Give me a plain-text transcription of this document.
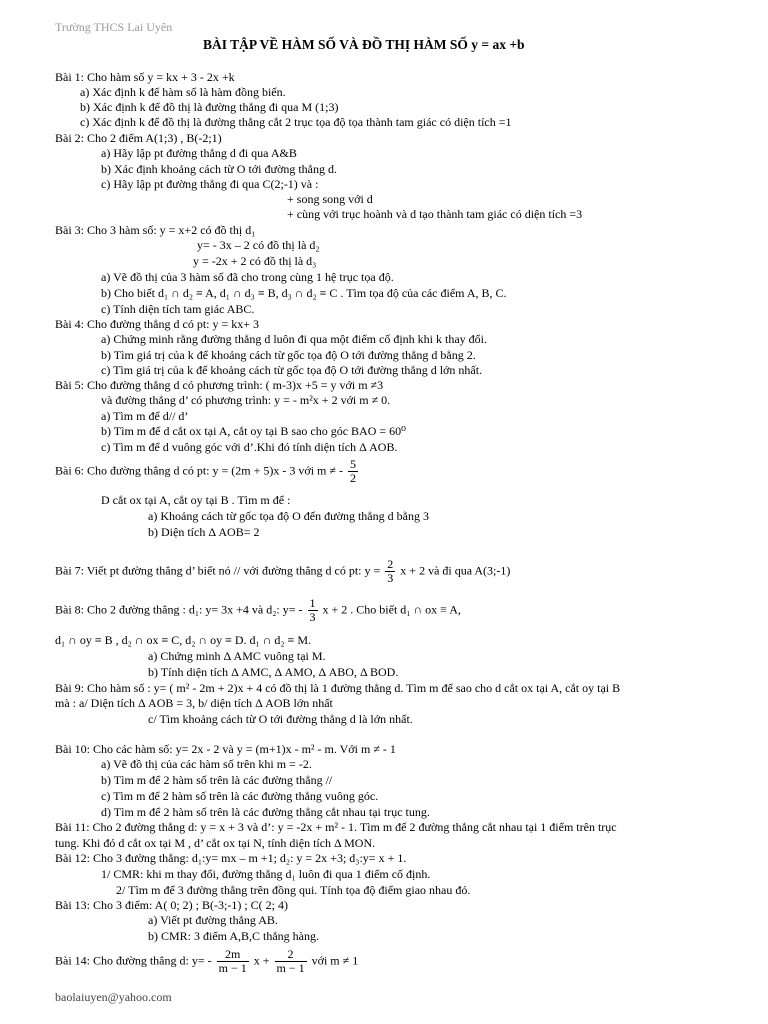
Trường THCS Lai Uyên
BÀI TẬP VỀ HÀM SỐ VÀ ĐỒ THỊ HÀM SỐ y = ax +b
Bài 1: Cho hàm số y = kx + 3 - 2x +k
a) Xác định k để hàm số là hàm đồng biến.
b) Xác định k để đồ thị là đường thẳng đi qua M (1;3)
c) Xác định k để đồ thị là đường thẳng cắt 2 trục tọa độ tọa thành tam giác có diện tích =1
Bài 2: Cho 2 điểm A(1;3) , B(-2;1)
a) Hãy lập pt đường thẳng d đi qua A&B
b) Xác định khoảng cách từ O tới đường thẳng d.
c) Hãy lập pt đường thẳng đi qua C(2;-1) và :
+ song song với d
+ cùng với trục hoành và d tạo thành tam giác có diện tích =3
Bài 3: Cho 3 hàm số: y = x+2 có đồ thị d₁
y= - 3x – 2 có đồ thị là d₂
y = -2x + 2 có đồ thị là d₃
a) Vẽ đồ thị của 3 hàm số đã cho trong cùng 1 hệ trục tọa độ.
b) Cho biết d₁ ∩ d₂ ≡ A, d₁ ∩ d₃ ≡ B, d₃ ∩ d₂ ≡ C . Tìm tọa độ của các điểm A, B, C.
c) Tính diện tích tam giác ABC.
Bài 4: Cho đường thẳng d có pt: y = kx+ 3
a) Chứng minh rằng đường thẳng d luôn đi qua một điểm cố định khi k thay đổi.
b) Tìm giá trị của k để khoảng cách từ gốc tọa độ O tới đường thẳng d bằng 2.
c) Tìm giá trị của k để khoảng cách từ gốc tọa độ O tới đường thẳng d lớn nhất.
Bài 5: Cho đường thẳng d có phương trình: ( m-3)x +5 = y với m ≠3
và đường thẳng d’ có phương trình: y = - m²x + 2 với m ≠ 0.
a) Tìm m để d// d’
b) Tìm m để d cắt ox tại A, cắt oy tại B sao cho góc BAO = 60⁰
c) Tìm m để d vuông góc với d’.Khi đó tính diện tích Δ AOB.
Bài 6: Cho đường thẳng d có pt: y = (2m + 5)x - 3 với m ≠ - $\frac{5}{2}$
D cắt ox tại A, cắt oy tại B . Tìm m để :
a) Khoảng cách từ gốc tọa độ O đến đường thẳng d bằng 3
b) Diện tích Δ AOB= 2
Bài 7: Viết pt đường thẳng d’ biết nó // với đường thẳng d có pt: $y = \frac{2}{3}$ x + 2 và đi qua A(3;-1)
Bài 8: Cho 2 đường thẳng : d₁: y= 3x +4 và d₂: $y= - \frac{1}{3}$ x + 2 . Cho biết d₁ ∩ ox ≡ A,
d₁ ∩ oy ≡ B , d₂ ∩ ox ≡ C, d₂ ∩ oy ≡ D. d₁ ∩ d₂ ≡ M.
a) Chứng minh Δ AMC vuông tại M.
b) Tính diện tích Δ AMC, Δ AMO, Δ ABO, Δ BOD.
Bài 9: Cho hàm số : y= ( m² - 2m + 2)x + 4 có đồ thị là 1 đường thẳng d. Tìm m để sao cho d cắt ox tại A, cắt oy tại B
mà : a/ Diện tích Δ AOB = 3, b/ diện tích Δ AOB lớn nhất
c/ Tìm khoảng cách từ O tới đường thẳng d là lớn nhất.
Bài 10: Cho các hàm số: y= 2x - 2 và y = (m+1)x - m² - m. Với m ≠ - 1
a) Vẽ đồ thị của các hàm số trên khi m = -2.
b) Tìm m để 2 hàm số trên là các đường thẳng //
c) Tìm m để 2 hàm số trên là các đường thẳng vuông góc.
d) Tìm m để 2 hàm số trên là các đường thẳng cắt nhau tại trục tung.
Bài 11: Cho 2 đường thẳng d: y = x + 3 và d’: y = -2x + m² - 1. Tìm m để 2 đường thẳng cắt nhau tại 1 điểm trên trục
tung. Khi đó d cắt ox tại M , d’ cắt ox tại N, tính diện tích Δ MON.
Bài 12: Cho 3 đường thẳng: d₁:y= mx – m +1; d₂: y = 2x +3; d₃:y= x + 1.
1/ CMR: khi m thay đổi, đường thẳng d₁ luôn đi qua 1 điểm cố định.
2/ Tìm m để 3 đường thẳng trên đồng qui. Tính tọa độ điểm giao nhau đó.
Bài 13: Cho 3 điểm: A( 0; 2) ; B(-3;-1) ; C( 2; 4)
a) Viết pt đường thẳng AB.
b) CMR: 3 điểm A,B,C thẳng hàng.
Bài 14: Cho đường thẳng d: $y= - \frac{2m}{m - 1}$ $x + \frac{2}{m - 1}$ với m ≠ 1
baolaiuyen@yahoo.com
